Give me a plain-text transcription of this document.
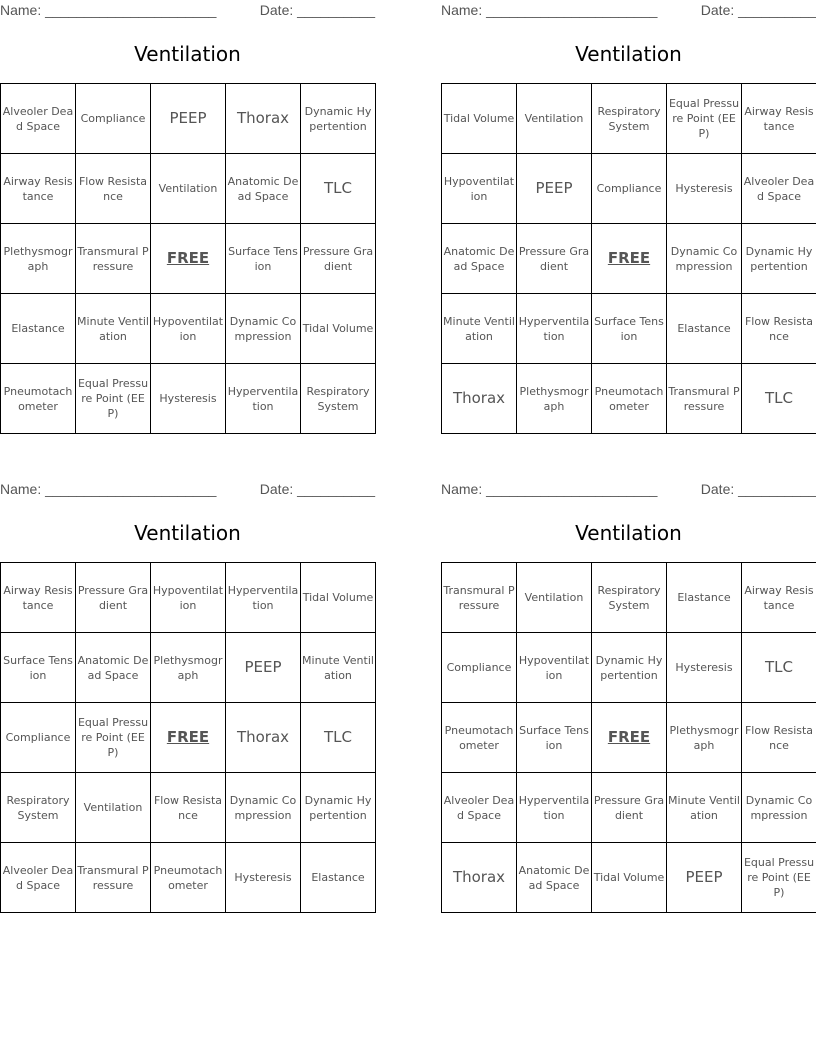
Name: ______________________	Date: __________
Ventilation
Alveoler Dead Space	Compliance	PEEP	Thorax	Dynamic Hypertention
Airway Resistance	Flow Resistance	Ventilation	Anatomic Dead Space	TLC
Plethysmograph	Transmural Pressure	FREE	Surface Tension	Pressure Gradient
Elastance	Minute Ventilation	Hypoventilation	Dynamic Compression	Tidal Volume
Pneumotachometer	Equal Pressure Point (EEP)	Hysteresis	Hyperventilation	Respiratory System
Name: ______________________	Date: __________
Ventilation
Tidal Volume	Ventilation	Respiratory System	Equal Pressure Point (EEP)	Airway Resistance
Hypoventilation	PEEP	Compliance	Hysteresis	Alveoler Dead Space
Anatomic Dead Space	Pressure Gradient	FREE	Dynamic Compression	Dynamic Hypertention
Minute Ventilation	Hyperventilation	Surface Tension	Elastance	Flow Resistance
Thorax	Plethysmograph	Pneumotachometer	Transmural Pressure	TLC
Name: ______________________	Date: __________
Ventilation
Airway Resistance	Pressure Gradient	Hypoventilation	Hyperventilation	Tidal Volume
Surface Tension	Anatomic Dead Space	Plethysmograph	PEEP	Minute Ventilation
Compliance	Equal Pressure Point (EEP)	FREE	Thorax	TLC
Respiratory System	Ventilation	Flow Resistance	Dynamic Compression	Dynamic Hypertention
Alveoler Dead Space	Transmural Pressure	Pneumotachometer	Hysteresis	Elastance
Name: ______________________	Date: __________
Ventilation
Transmural Pressure	Ventilation	Respiratory System	Elastance	Airway Resistance
Compliance	Hypoventilation	Dynamic Hypertention	Hysteresis	TLC
Pneumotachometer	Surface Tension	FREE	Plethysmograph	Flow Resistance
Alveoler Dead Space	Hyperventilation	Pressure Gradient	Minute Ventilation	Dynamic Compression
Thorax	Anatomic Dead Space	Tidal Volume	PEEP	Equal Pressure Point (EEP)
